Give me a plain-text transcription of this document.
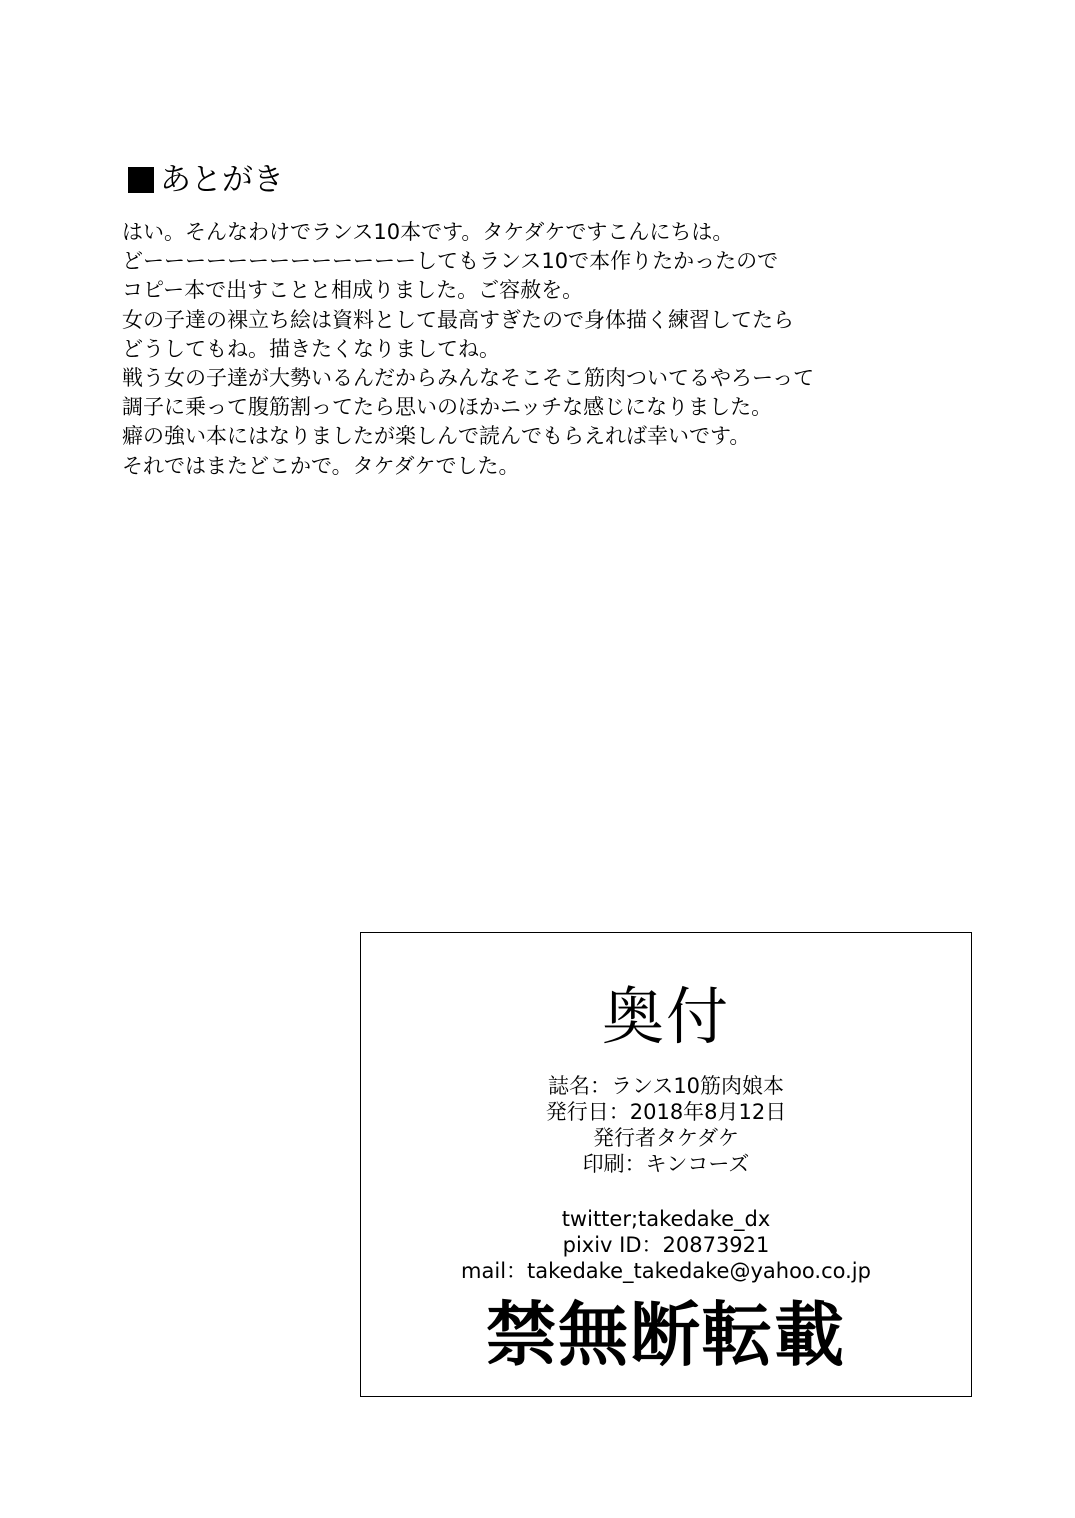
あとがき
はい。そんなわけでランス10本です。タケダケですこんにちは。
どーーーーーーーーーーーーーしてもランス10で本作りたかったので
コピー本で出すことと相成りました。ご容赦を。
女の子達の裸立ち絵は資料として最高すぎたので身体描く練習してたら
どうしてもね。描きたくなりましてね。
戦う女の子達が大勢いるんだからみんなそこそこ筋肉ついてるやろーって
調子に乗って腹筋割ってたら思いのほかニッチな感じになりました。
癖の強い本にはなりましたが楽しんで読んでもらえれば幸いです。
それではまたどこかで。タケダケでした。
奥付
誌名：ランス10筋肉娘本
発行日：2018年8月12日
発行者タケダケ
印刷：キンコーズ
twitter;takedake_dx
pixiv ID：20873921
mail：takedake_takedake@yahoo.co.jp
禁無断転載
